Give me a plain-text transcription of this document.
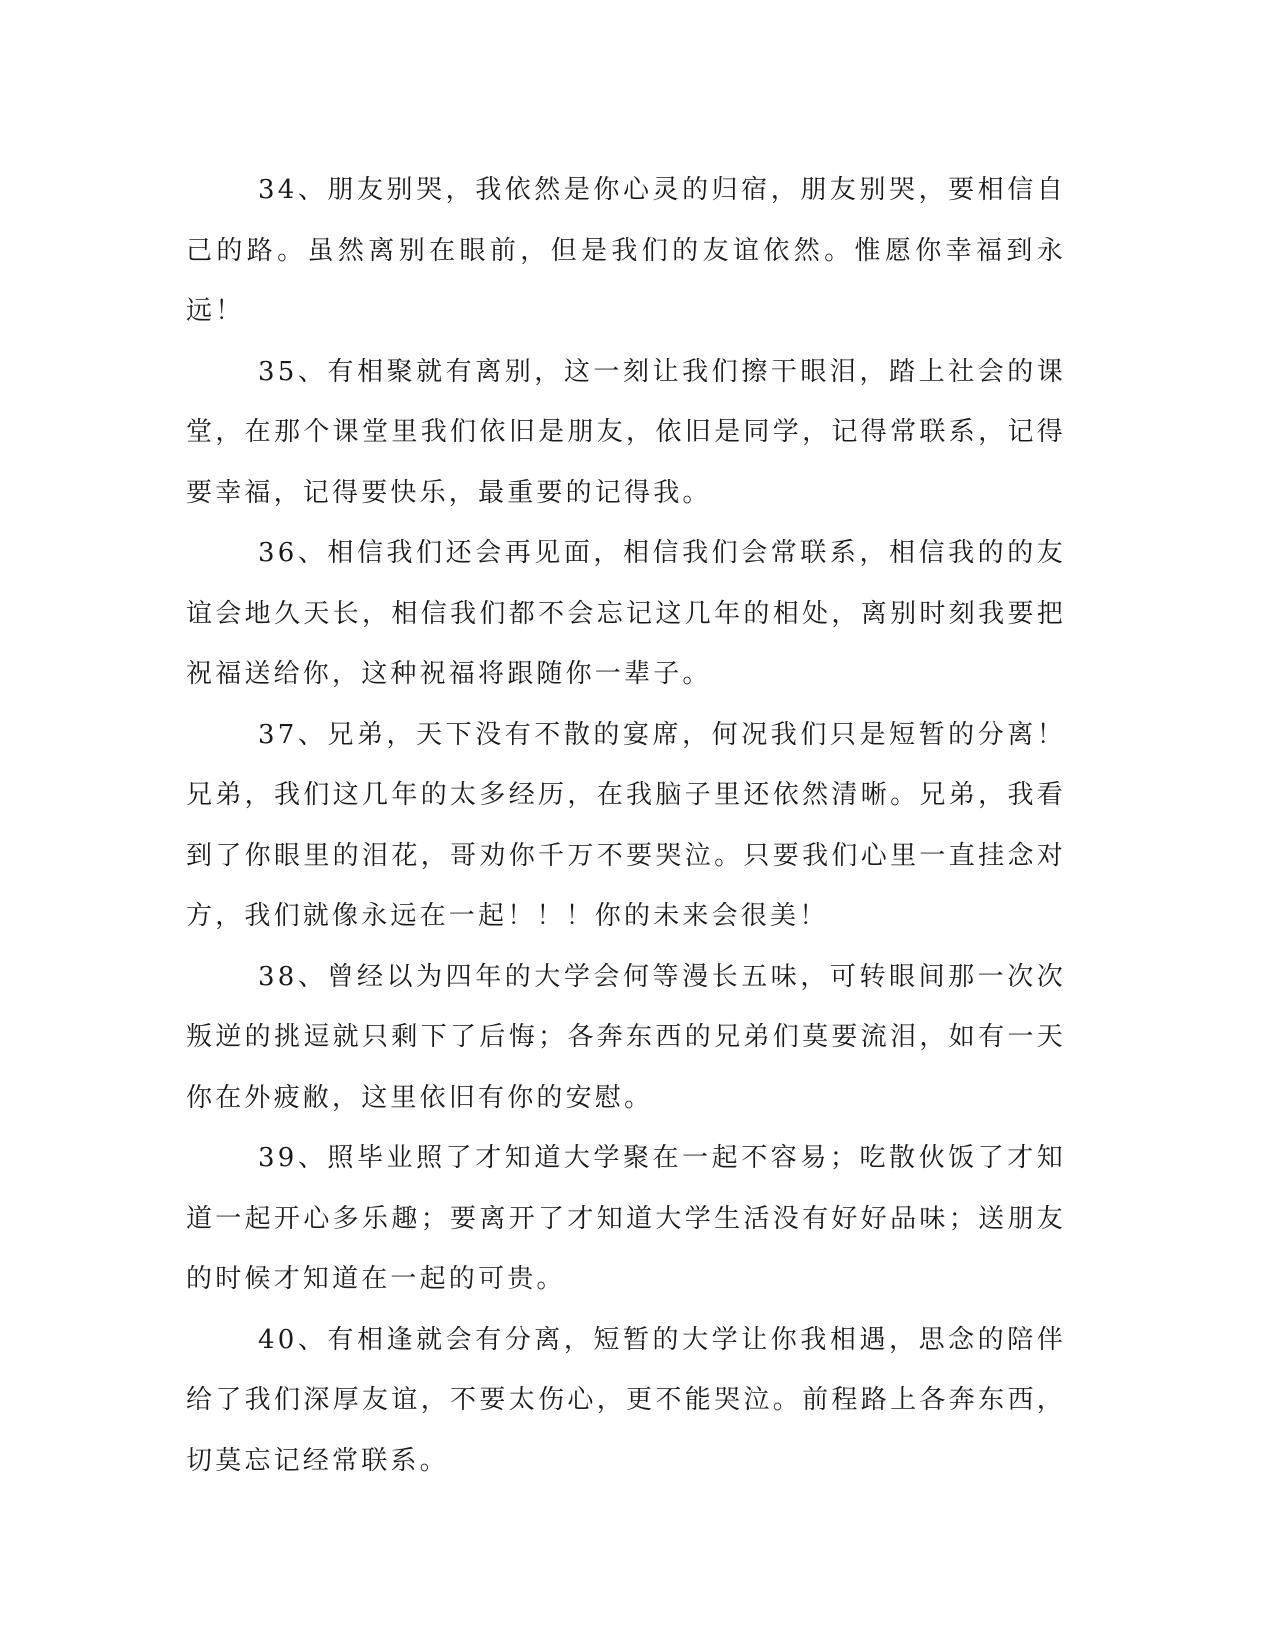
34、朋友别哭，我依然是你心灵的归宿，朋友别哭，要相信自己的路。虽然离别在眼前，但是我们的友谊依然。惟愿你幸福到永远！

35、有相聚就有离别，这一刻让我们擦干眼泪，踏上社会的课堂，在那个课堂里我们依旧是朋友，依旧是同学，记得常联系，记得要幸福，记得要快乐，最重要的记得我。

36、相信我们还会再见面，相信我们会常联系，相信我的的友谊会地久天长，相信我们都不会忘记这几年的相处，离别时刻我要把祝福送给你，这种祝福将跟随你一辈子。

37、兄弟，天下没有不散的宴席，何况我们只是短暂的分离！兄弟，我们这几年的太多经历，在我脑子里还依然清晰。兄弟，我看到了你眼里的泪花，哥劝你千万不要哭泣。只要我们心里一直挂念对方，我们就像永远在一起！！！你的未来会很美！

38、曾经以为四年的大学会何等漫长五味，可转眼间那一次次叛逆的挑逗就只剩下了后悔；各奔东西的兄弟们莫要流泪，如有一天你在外疲敝，这里依旧有你的安慰。

39、照毕业照了才知道大学聚在一起不容易；吃散伙饭了才知道一起开心多乐趣；要离开了才知道大学生活没有好好品味；送朋友的时候才知道在一起的可贵。

40、有相逢就会有分离，短暂的大学让你我相遇，思念的陪伴给了我们深厚友谊，不要太伤心，更不能哭泣。前程路上各奔东西，切莫忘记经常联系。
